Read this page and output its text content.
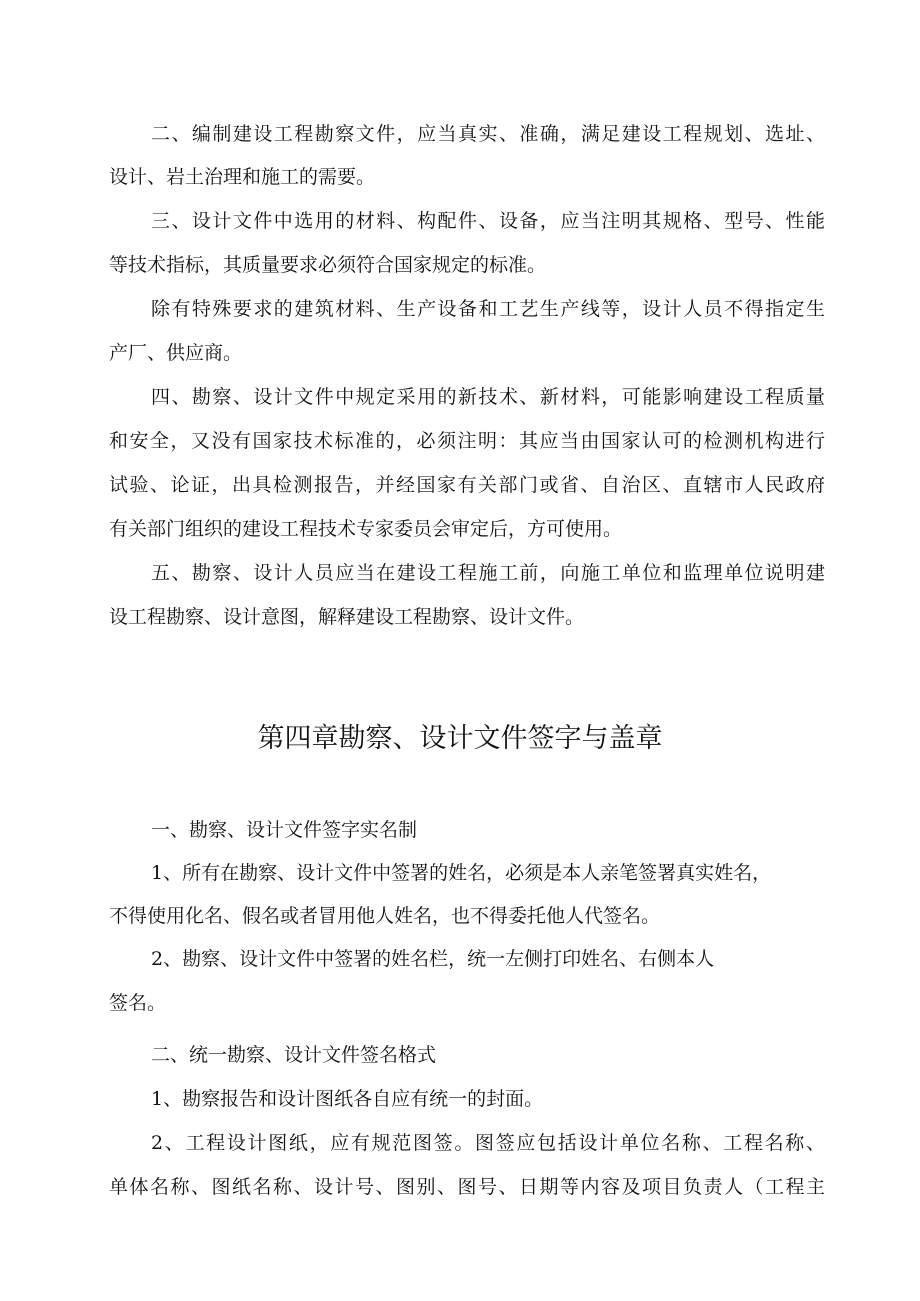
二、编制建设工程勘察文件，应当真实、准确，满足建设工程规划、选址、
设计、岩土治理和施工的需要。
三、设计文件中选用的材料、构配件、设备，应当注明其规格、型号、性能
等技术指标，其质量要求必须符合国家规定的标准。
除有特殊要求的建筑材料、生产设备和工艺生产线等，设计人员不得指定生
产厂、供应商。
四、勘察、设计文件中规定采用的新技术、新材料，可能影响建设工程质量
和安全，又没有国家技术标准的，必须注明：其应当由国家认可的检测机构进行
试验、论证，出具检测报告，并经国家有关部门或省、自治区、直辖市人民政府
有关部门组织的建设工程技术专家委员会审定后，方可使用。
五、勘察、设计人员应当在建设工程施工前，向施工单位和监理单位说明建
设工程勘察、设计意图，解释建设工程勘察、设计文件。
第四章勘察、设计文件签字与盖章
一、勘察、设计文件签字实名制
1、所有在勘察、设计文件中签署的姓名，必须是本人亲笔签署真实姓名，
不得使用化名、假名或者冒用他人姓名，也不得委托他人代签名。
2、勘察、设计文件中签署的姓名栏，统一左侧打印姓名、右侧本人
签名。
二、统一勘察、设计文件签名格式
1、勘察报告和设计图纸各自应有统一的封面。
2、工程设计图纸，应有规范图签。图签应包括设计单位名称、工程名称、
单体名称、图纸名称、设计号、图别、图号、日期等内容及项目负责人（工程主
